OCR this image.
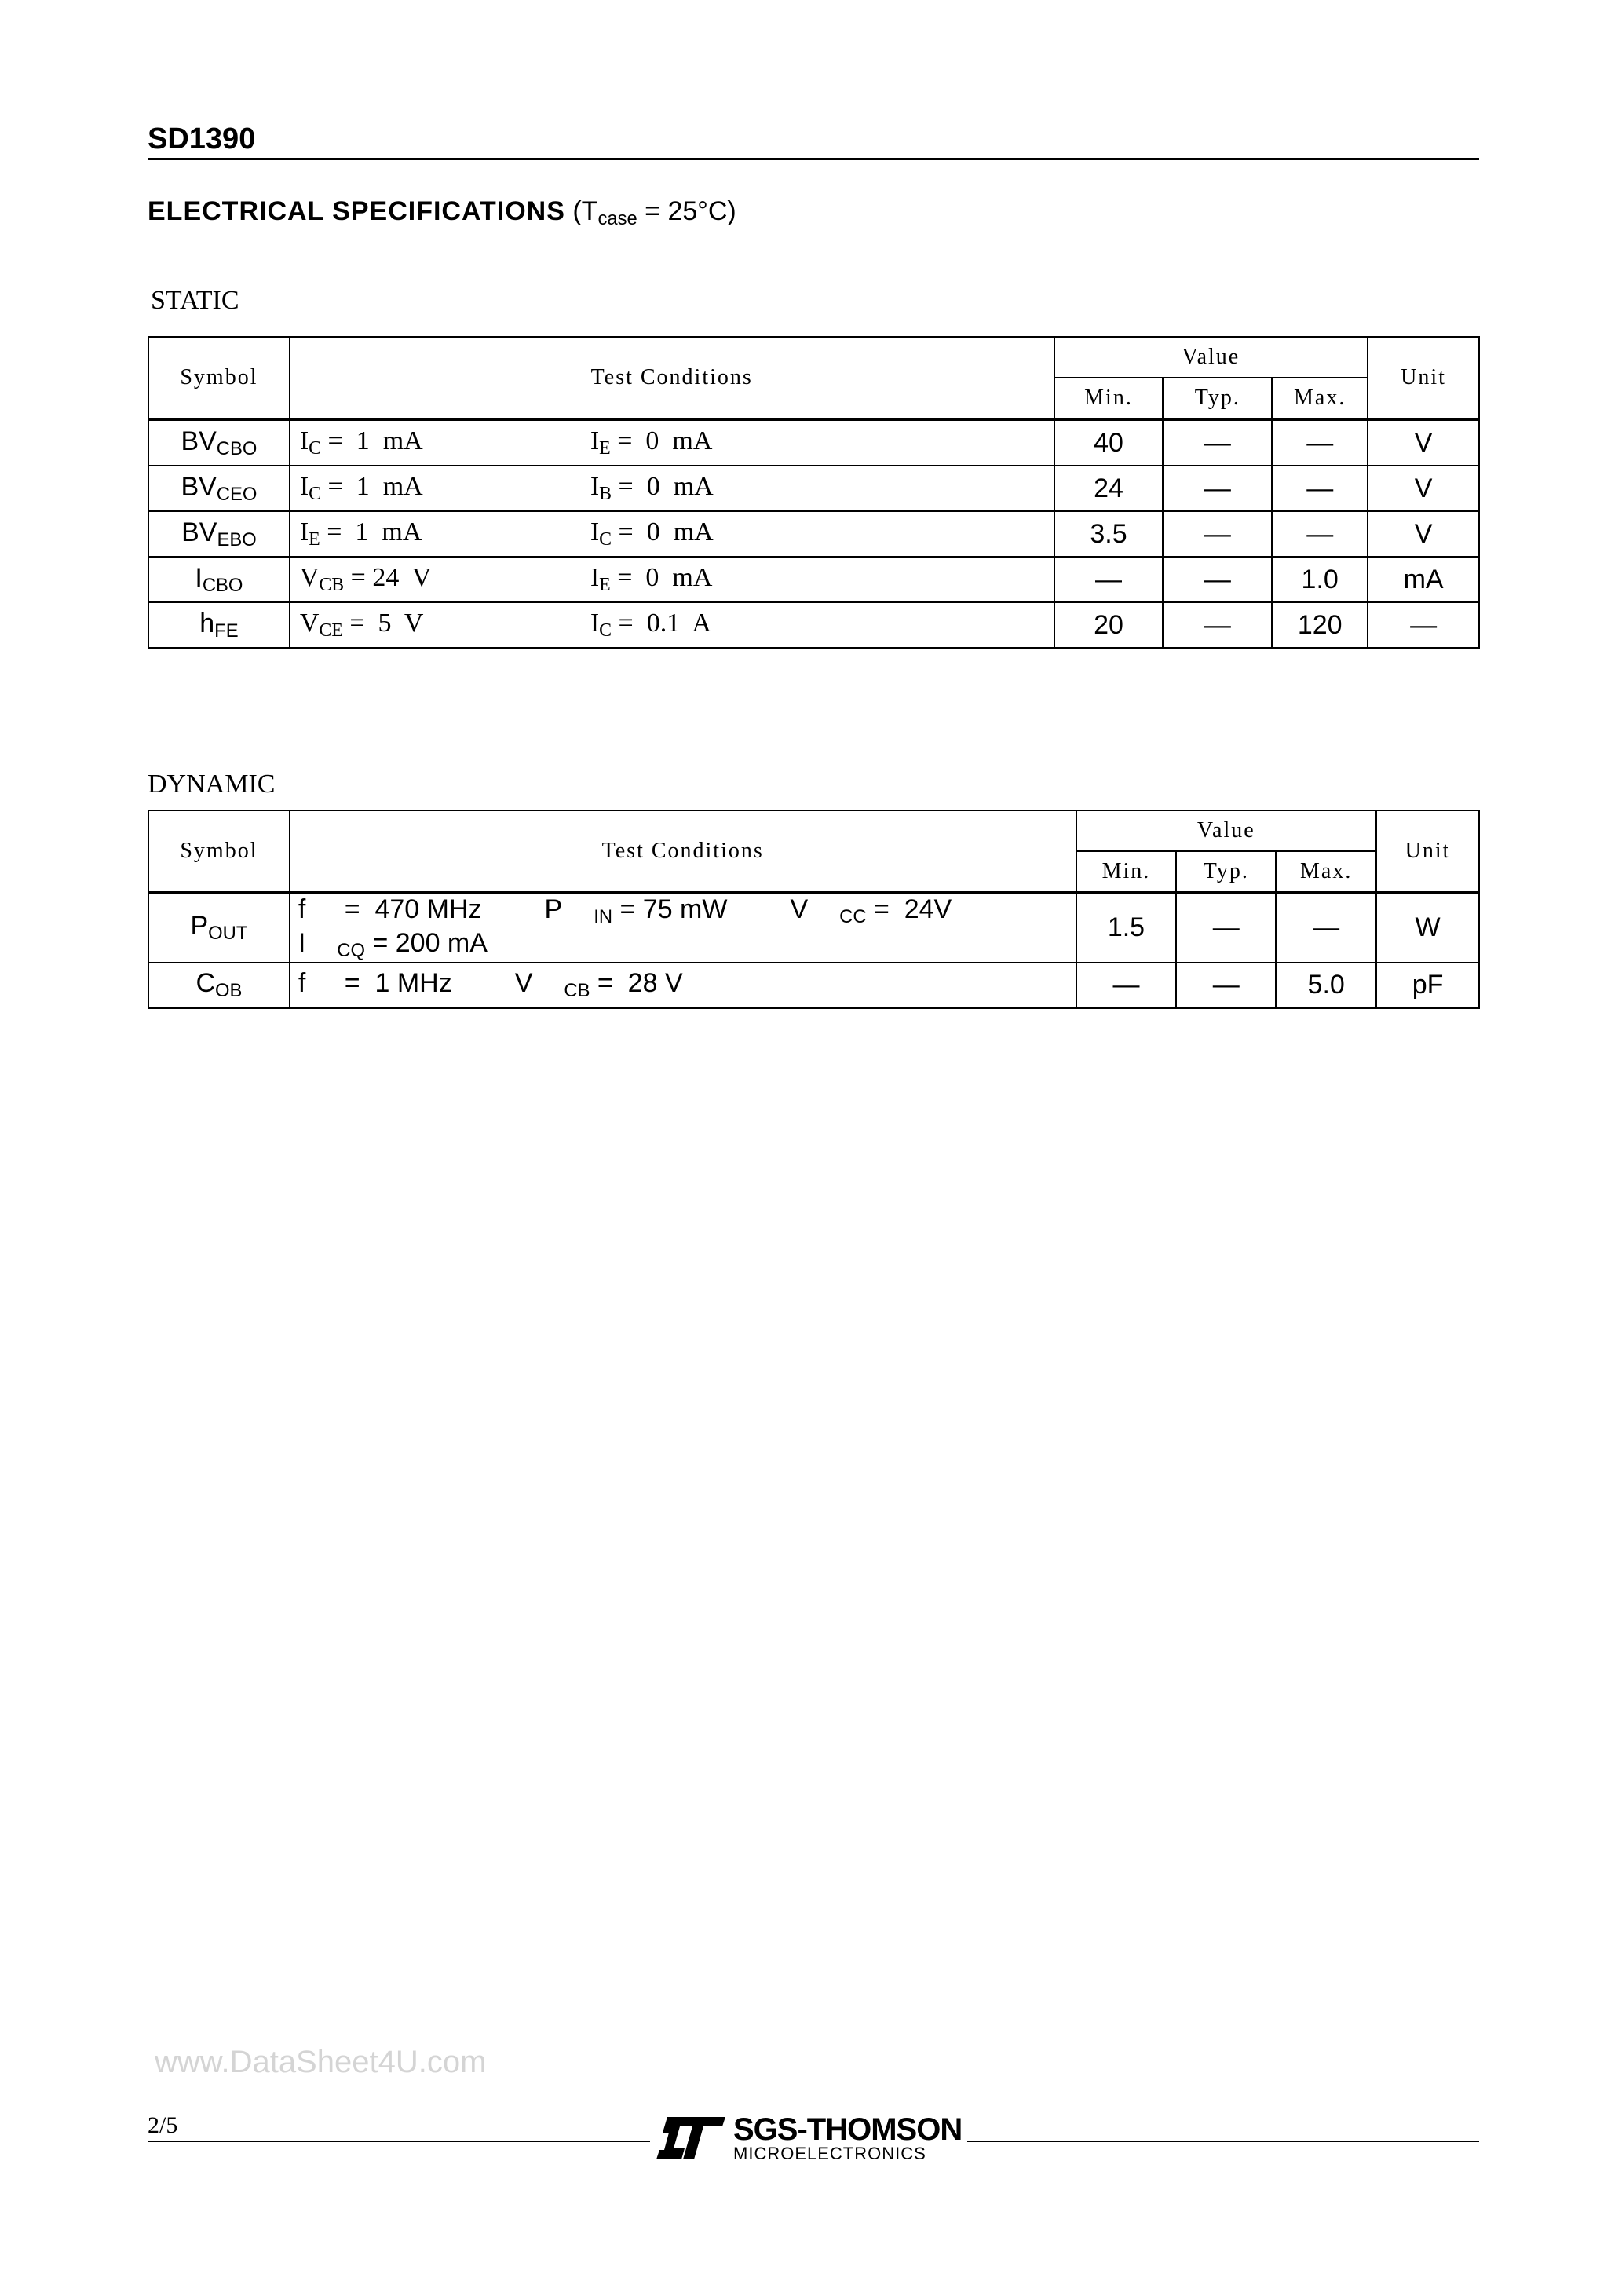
SD1390
ELECTRICAL SPECIFICATIONS $(T_{case} = 25^\circ C)$
STATIC
Symbol	Test Conditions	Value			Unit
		Min.	Typ.	Max.	
$BV_{CBO}$	$I_C = 1$  mA $I_E = 0$  mA	40	—	—	V
$BV_{CEO}$	$I_C = 1$  mA $I_B = 0$  mA	24	—	—	V
$BV_{EBO}$	$I_E = 1$  mA $I_C = 0$  mA	3.5	—	—	V
$I_{CBO}$	$V_{CB} = 24$  V $I_E = 0$  mA	—	—	1.0	mA
$h_{FE}$	$V_{CE} = 5$  V $I_C = 0.1$  A	20	—	120	—
DYNAMIC
Symbol	Test Conditions	Value			Unit
		Min.	Typ.	Max.	
$P_{OUT}$	f =  470 MHz P $_{IN}$ = 75 mW V $_{CC}$ =  24VI $_{CQ}$ = 200 mA	1.5	—	—	W
$C_{OB}$	f =  1 MHz V $_{CB}$ =  28 V	—	—	5.0	pF
www.DataSheet4U.com
2/5	SGS-THOMSON
MICROELECTRONICS
